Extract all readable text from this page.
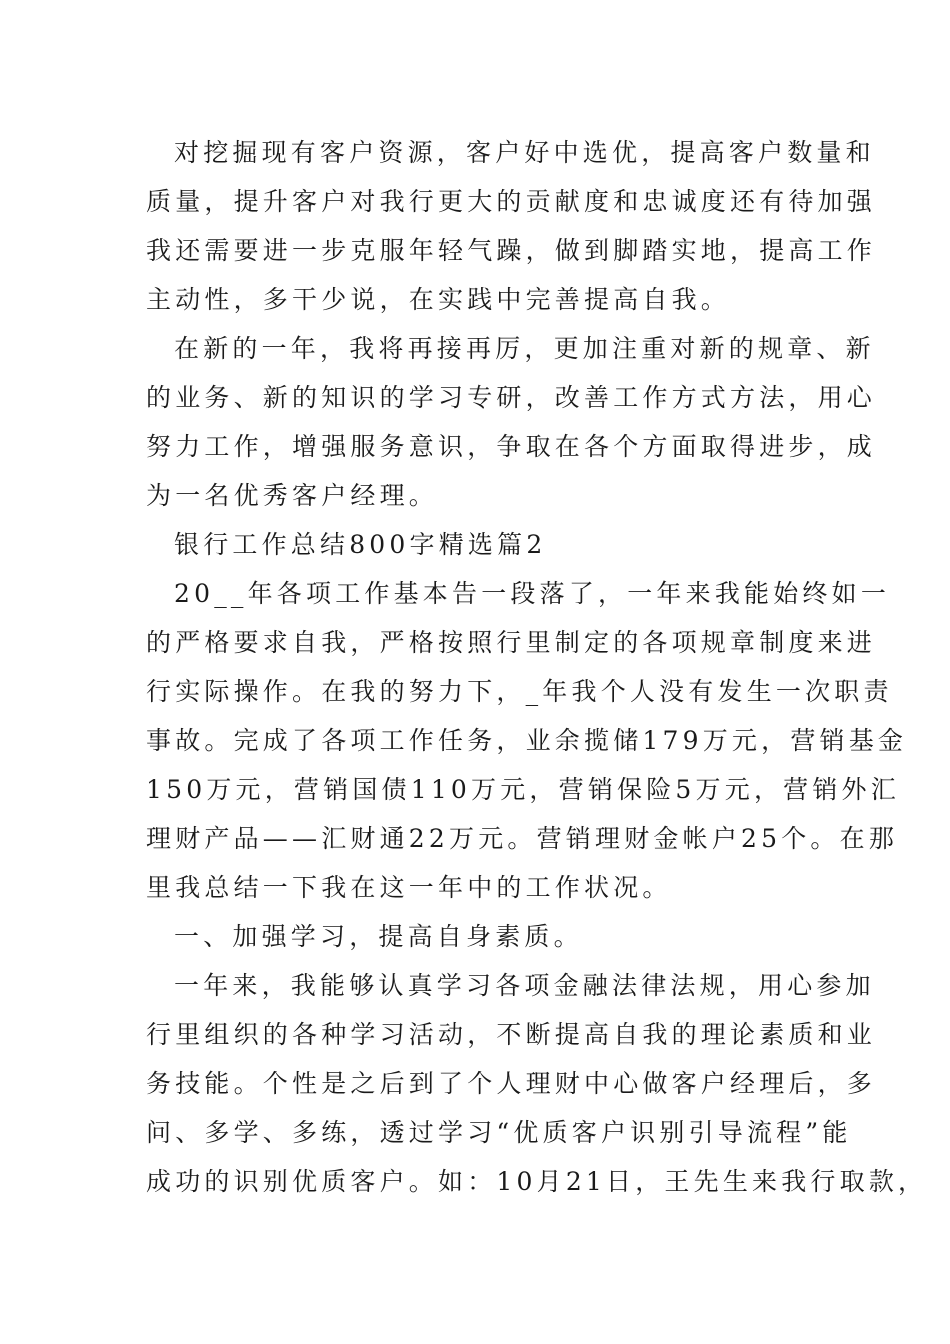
对挖掘现有客户资源，客户好中选优，提高客户数量和
质量，提升客户对我行更大的贡献度和忠诚度还有待加强
我还需要进一步克服年轻气躁，做到脚踏实地，提高工作
主动性，多干少说，在实践中完善提高自我。
在新的一年，我将再接再厉，更加注重对新的规章、新
的业务、新的知识的学习专研，改善工作方式方法，用心
努力工作，增强服务意识，争取在各个方面取得进步，成
为一名优秀客户经理。
银行工作总结800字精选篇2
20__年各项工作基本告一段落了，一年来我能始终如一
的严格要求自我，严格按照行里制定的各项规章制度来进
行实际操作。在我的努力下，_年我个人没有发生一次职责
事故。完成了各项工作任务，业余揽储179万元，营销基金
150万元，营销国债110万元，营销保险5万元，营销外汇
理财产品——汇财通22万元。营销理财金帐户25个。在那
里我总结一下我在这一年中的工作状况。
一、加强学习，提高自身素质。
一年来，我能够认真学习各项金融法律法规，用心参加
行里组织的各种学习活动，不断提高自我的理论素质和业
务技能。个性是之后到了个人理财中心做客户经理后，多
问、多学、多练，透过学习“优质客户识别引导流程”能
成功的识别优质客户。如：10月21日，王先生来我行取款，
